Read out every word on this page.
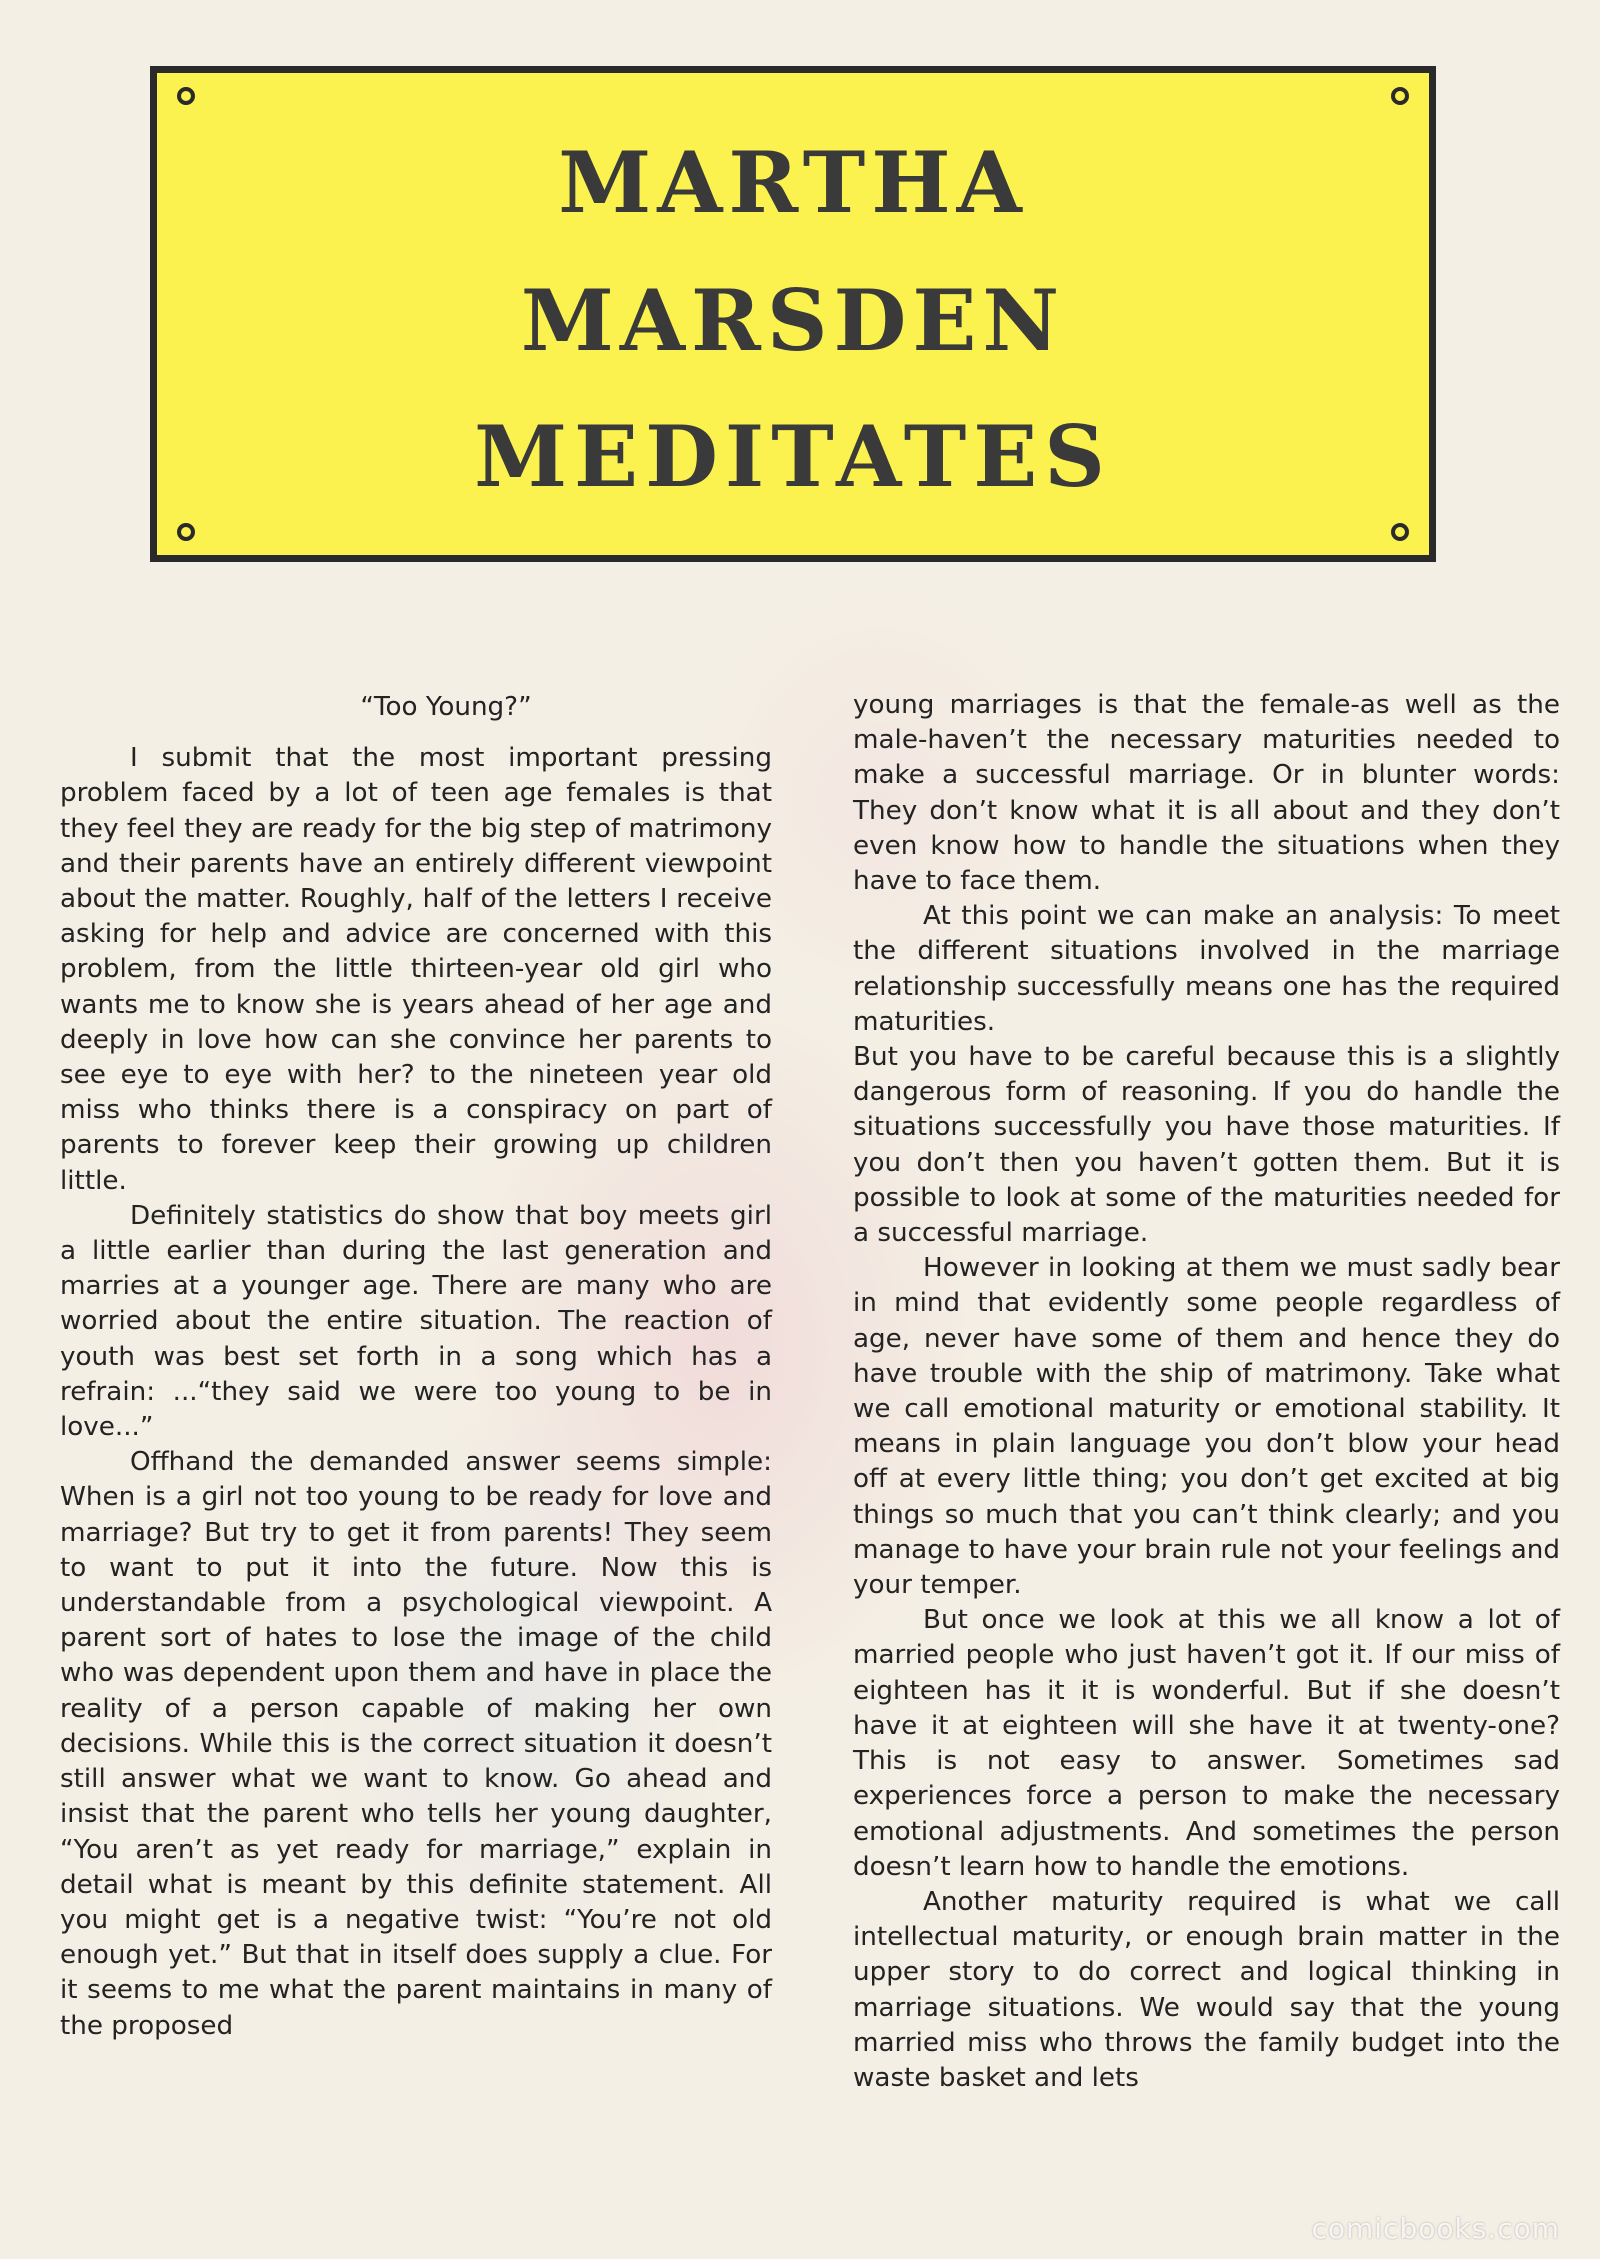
MARTHA
MARSDEN
MEDITATES

“Too Young?”

I submit that the most important pressing problem faced by a lot of teen age females is that they feel they are ready for the big step of matrimony and their parents have an entirely different viewpoint about the matter. Roughly, half of the letters I receive asking for help and advice are concerned with this problem, from the little thirteen-year old girl who wants me to know she is years ahead of her age and deeply in love how can she convince her parents to see eye to eye with her? to the nineteen year old miss who thinks there is a conspiracy on part of parents to forever keep their growing up children little.

Definitely statistics do show that boy meets girl a little earlier than during the last generation and marries at a younger age. There are many who are worried about the entire situation. The reaction of youth was best set forth in a song which has a refrain: ...“they said we were too young to be in love...”

Offhand the demanded answer seems simple: When is a girl not too young to be ready for love and marriage? But try to get it from parents! They seem to want to put it into the future. Now this is understandable from a psychological viewpoint. A parent sort of hates to lose the image of the child who was dependent upon them and have in place the reality of a person capable of making her own decisions. While this is the correct situation it doesn’t still answer what we want to know. Go ahead and insist that the parent who tells her young daughter, “You aren’t as yet ready for marriage,” explain in detail what is meant by this definite statement. All you might get is a negative twist: “You’re not old enough yet.” But that in itself does supply a clue. For it seems to me what the parent maintains in many of the proposed

young marriages is that the female-as well as the male-haven’t the necessary maturities needed to make a successful marriage. Or in blunter words: They don’t know what it is all about and they don’t even know how to handle the situations when they have to face them.

At this point we can make an analysis: To meet the different situations involved in the marriage relationship successfully means one has the required maturities.

But you have to be careful because this is a slightly dangerous form of reasoning. If you do handle the situations successfully you have those maturities. If you don’t then you haven’t gotten them. But it is possible to look at some of the maturities needed for a successful marriage.

However in looking at them we must sadly bear in mind that evidently some people regardless of age, never have some of them and hence they do have trouble with the ship of matrimony. Take what we call emotional maturity or emotional stability. It means in plain language you don’t blow your head off at every little thing; you don’t get excited at big things so much that you can’t think clearly; and you manage to have your brain rule not your feelings and your temper.

But once we look at this we all know a lot of married people who just haven’t got it. If our miss of eighteen has it it is wonderful. But if she doesn’t have it at eighteen will she have it at twenty-one? This is not easy to answer. Sometimes sad experiences force a person to make the necessary emotional adjustments. And sometimes the person doesn’t learn how to handle the emotions.

Another maturity required is what we call intellectual maturity, or enough brain matter in the upper story to do correct and logical thinking in marriage situations. We would say that the young married miss who throws the family budget into the waste basket and lets

comicbooks.com
